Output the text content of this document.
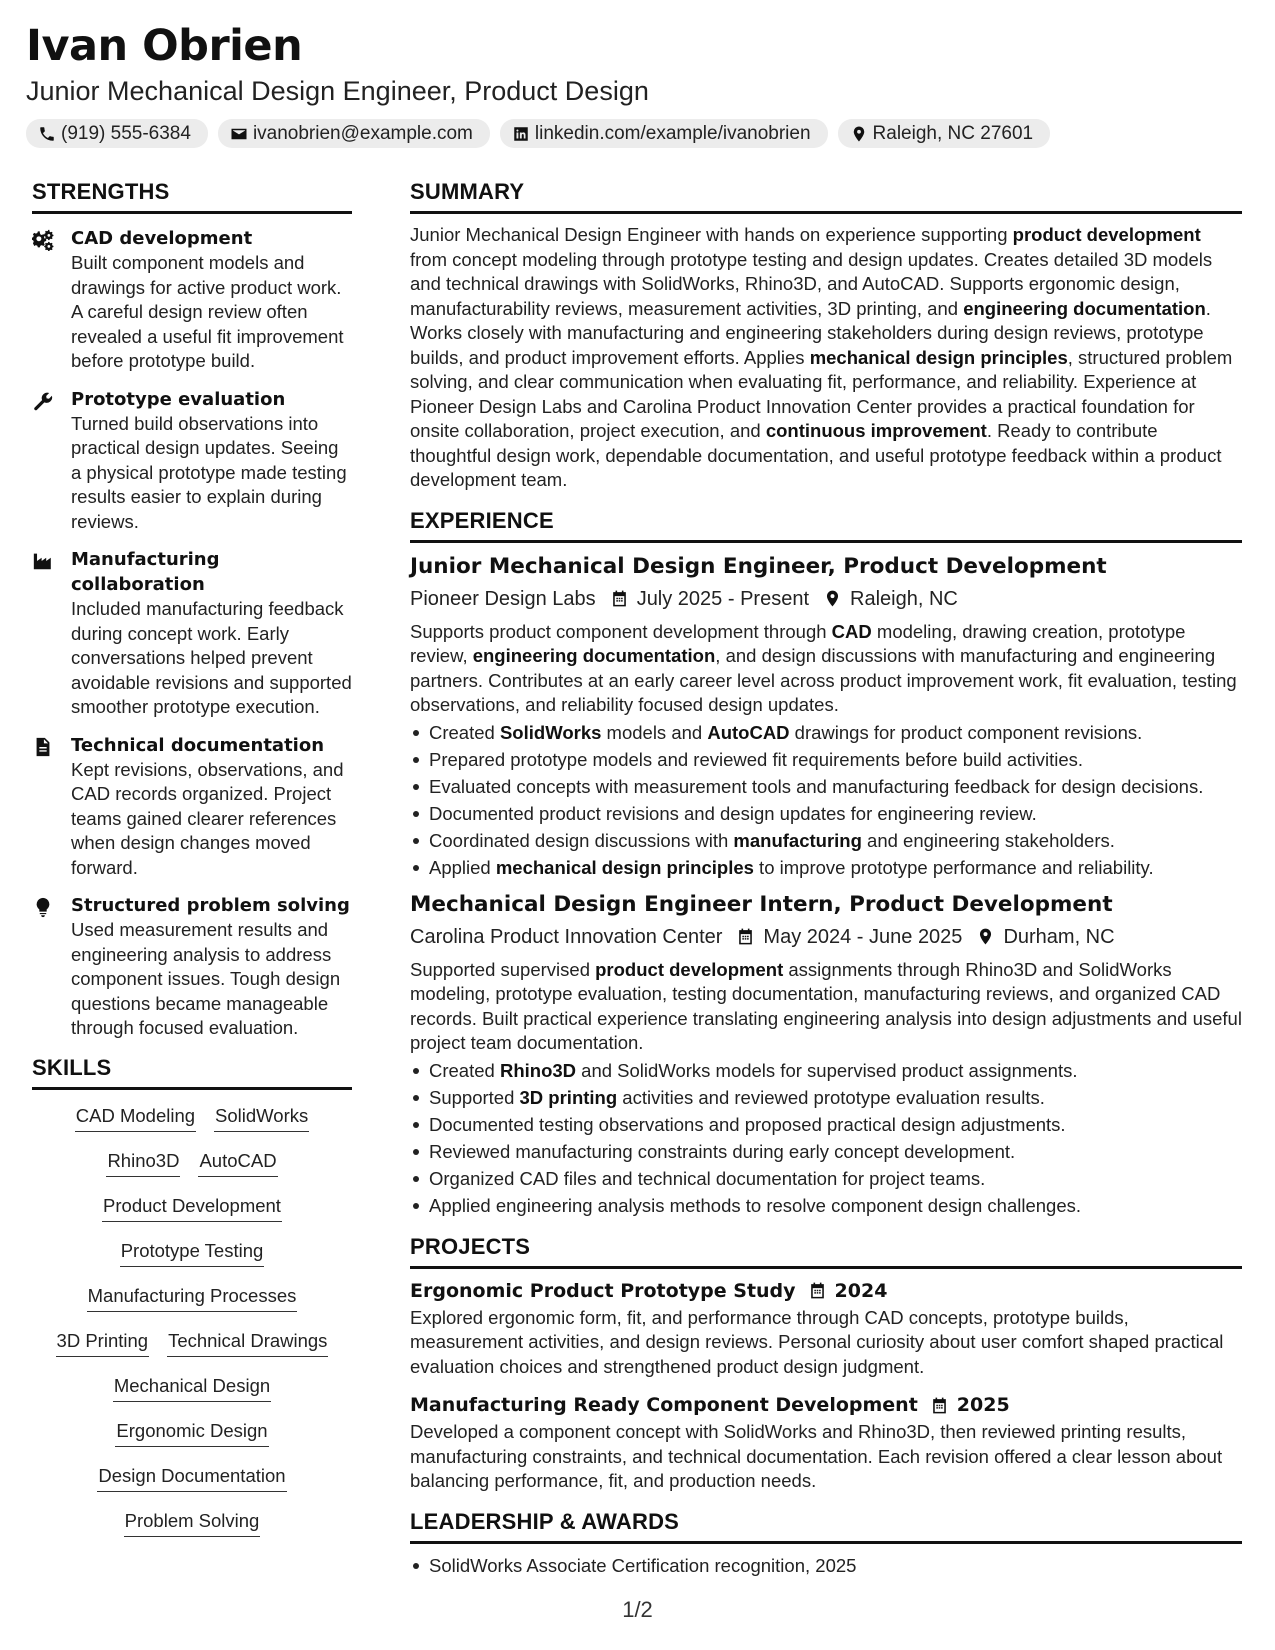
Ivan Obrien
Junior Mechanical Design Engineer, Product Design
(919) 555-6384	ivanobrien@example.com	linkedin.com/example/ivanobrien	Raleigh, NC 27601
STRENGTHS
CAD development
Built component models and drawings for active product work. A careful design review often revealed a useful fit improvement before prototype build.
Prototype evaluation
Turned build observations into practical design updates. Seeing a physical prototype made testing results easier to explain during reviews.
Manufacturing collaboration
Included manufacturing feedback during concept work. Early conversations helped prevent avoidable revisions and supported smoother prototype execution.
Technical documentation
Kept revisions, observations, and CAD records organized. Project teams gained clearer references when design changes moved forward.
Structured problem solving
Used measurement results and engineering analysis to address component issues. Tough design questions became manageable through focused evaluation.
SKILLS
CAD Modeling SolidWorks
Rhino3D AutoCAD
Product Development
Prototype Testing
Manufacturing Processes
3D Printing Technical Drawings
Mechanical Design
Ergonomic Design
Design Documentation
Problem Solving
SUMMARY
Junior Mechanical Design Engineer with hands on experience supporting product development from concept modeling through prototype testing and design updates. Creates detailed 3D models and technical drawings with SolidWorks, Rhino3D, and AutoCAD. Supports ergonomic design, manufacturability reviews, measurement activities, 3D printing, and engineering documentation. Works closely with manufacturing and engineering stakeholders during design reviews, prototype builds, and product improvement efforts. Applies mechanical design principles, structured problem solving, and clear communication when evaluating fit, performance, and reliability. Experience at Pioneer Design Labs and Carolina Product Innovation Center provides a practical foundation for onsite collaboration, project execution, and continuous improvement. Ready to contribute thoughtful design work, dependable documentation, and useful prototype feedback within a product development team.
EXPERIENCE
Junior Mechanical Design Engineer, Product Development
Pioneer Design Labs July 2025 - Present Raleigh, NC
Supports product component development through CAD modeling, drawing creation, prototype review, engineering documentation, and design discussions with manufacturing and engineering partners. Contributes at an early career level across product improvement work, fit evaluation, testing observations, and reliability focused design updates.
Created SolidWorks models and AutoCAD drawings for product component revisions.
Prepared prototype models and reviewed fit requirements before build activities.
Evaluated concepts with measurement tools and manufacturing feedback for design decisions.
Documented product revisions and design updates for engineering review.
Coordinated design discussions with manufacturing and engineering stakeholders.
Applied mechanical design principles to improve prototype performance and reliability.
Mechanical Design Engineer Intern, Product Development
Carolina Product Innovation Center May 2024 - June 2025 Durham, NC
Supported supervised product development assignments through Rhino3D and SolidWorks modeling, prototype evaluation, testing documentation, manufacturing reviews, and organized CAD records. Built practical experience translating engineering analysis into design adjustments and useful project team documentation.
Created Rhino3D and SolidWorks models for supervised product assignments.
Supported 3D printing activities and reviewed prototype evaluation results.
Documented testing observations and proposed practical design adjustments.
Reviewed manufacturing constraints during early concept development.
Organized CAD files and technical documentation for project teams.
Applied engineering analysis methods to resolve component design challenges.
PROJECTS
Ergonomic Product Prototype Study 2024
Explored ergonomic form, fit, and performance through CAD concepts, prototype builds, measurement activities, and design reviews. Personal curiosity about user comfort shaped practical evaluation choices and strengthened product design judgment.
Manufacturing Ready Component Development 2025
Developed a component concept with SolidWorks and Rhino3D, then reviewed printing results, manufacturing constraints, and technical documentation. Each revision offered a clear lesson about balancing performance, fit, and production needs.
LEADERSHIP & AWARDS
SolidWorks Associate Certification recognition, 2025
1/2
